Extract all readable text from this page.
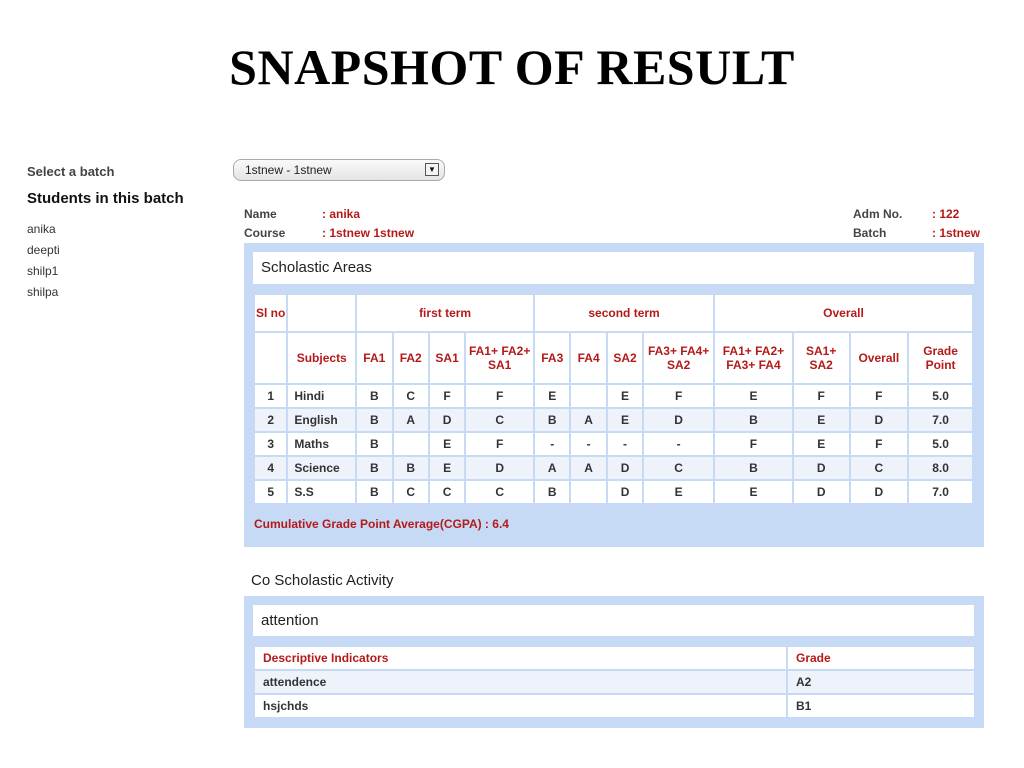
SNAPSHOT OF RESULT
Select a batch
Students in this batch
anika
deepti
shilp1
shilpa
1stnew - 1stnew	▼
Name	: anika
Course	: 1stnew 1stnew
Adm No. : 122
Batch	: 1stnew
Scholastic Areas
Sl no		first term				second term				Overall			
	Subjects	FA1	FA2	SA1	FA1+ FA2+ SA1	FA3	FA4	SA2	FA3+ FA4+ SA2	FA1+ FA2+ FA3+ FA4	SA1+ SA2	Overall	Grade Point
1	Hindi	B	C	F	F	E		E	F	E	F	F	5.0
2	English	B	A	D	C	B	A	E	D	B	E	D	7.0
3	Maths	B		E	F	-	-	-	-	F	E	F	5.0
4	Science	B	B	E	D	A	A	D	C	B	D	C	8.0
5	S.S	B	C	C	C	B		D	E	E	D	D	7.0
Cumulative Grade Point Average(CGPA) : 6.4
Co Scholastic Activity
attention
Descriptive Indicators	Grade
attendence	A2
hsjchds	B1
